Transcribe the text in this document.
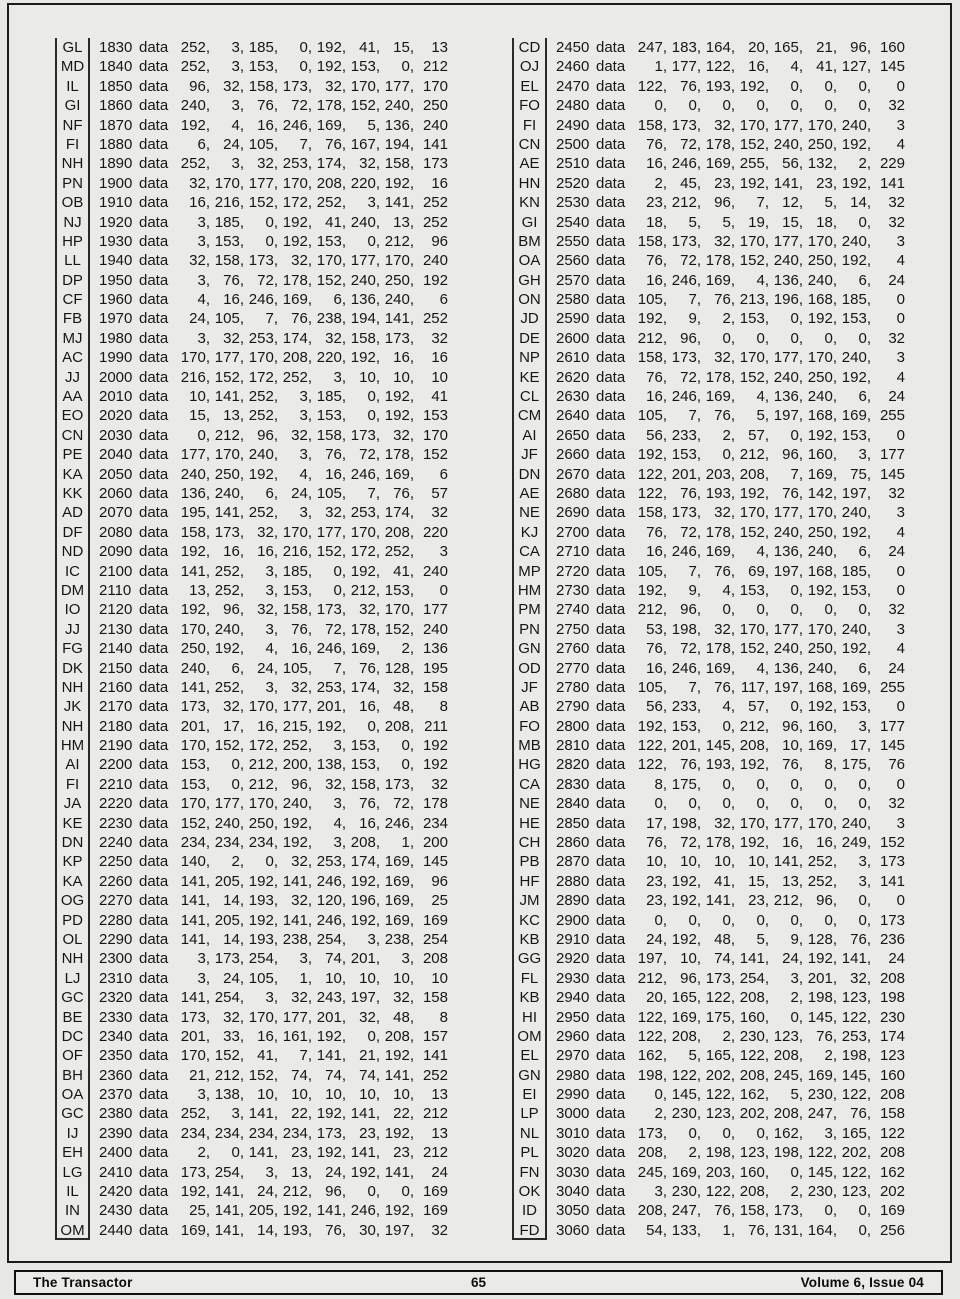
GL	1830 data 252,	3, 185,	0, 192, 41, 15,	13
MD 1840 data 252,	3, 153,	0, 192, 153,	0, 212
IL	1850 data	96, 32, 158, 173, 32, 170, 177, 170
GI	1860 data 240,	3, 76, 72, 178, 152, 240, 250
NF	1870 data 192,	4, 16, 246, 169,	5, 136, 240
FI	1880 data	6, 24, 105,	7, 76, 167, 194, 141
NH	1890 data 252,	3, 32, 253, 174, 32, 158, 173
PN	1900 data	32, 170, 177, 170, 208, 220, 192,	16
OB	1910 data	16, 216, 152, 172, 252,	3, 141, 252
NJ	1920 data	3, 185,	0, 192, 41, 240, 13, 252
HP	1930 data	3, 153,	0, 192, 153,	0, 212,	96
LL	1940 data	32, 158, 173, 32, 170, 177, 170, 240
DP	1950 data	3, 76, 72, 178, 152, 240, 250, 192
CF	1960 data	4, 16, 246, 169,	6, 136, 240,	6
FB	1970 data	24, 105,	7, 76, 238, 194, 141, 252
MJ	1980 data	3, 32, 253, 174, 32, 158, 173,	32
AC	1990 data 170, 177, 170, 208, 220, 192, 16,	16
JJ	2000 data 216, 152, 172, 252,	3, 10, 10,	10
AA	2010 data	10, 141, 252,	3, 185,	0, 192,	41
EO	2020 data	15, 13, 252,	3, 153,	0, 192, 153
CN	2030 data	0, 212, 96, 32, 158, 173, 32, 170
PE	2040 data 177, 170, 240,	3, 76, 72, 178, 152
KA	2050 data 240, 250, 192,	4, 16, 246, 169,	6
KK	2060 data 136, 240,	6, 24, 105,	7, 76,	57
AD	2070 data 195, 141, 252,	3, 32, 253, 174,	32
DF	2080 data 158, 173, 32, 170, 177, 170, 208, 220
ND	2090 data 192, 16, 16, 216, 152, 172, 252,	3
IC	2100 data 141, 252,	3, 185,	0, 192, 41, 240
DM 2110 data	13, 252,	3, 153,	0, 212, 153,	0
IO	2120 data 192, 96, 32, 158, 173, 32, 170, 177
JJ	2130 data 170, 240,	3, 76, 72, 178, 152, 240
FG	2140 data 250, 192,	4, 16, 246, 169,	2, 136
DK	2150 data 240,	6, 24, 105,	7, 76, 128, 195
NH	2160 data 141, 252,	3, 32, 253, 174, 32, 158
JK	2170 data 173, 32, 170, 177, 201, 16, 48,	8
NH	2180 data 201, 17, 16, 215, 192,	0, 208, 211
HM 2190 data 170, 152, 172, 252,	3, 153,	0, 192
AI	2200 data 153,	0, 212, 200, 138, 153,	0, 192
FI	2210 data 153,	0, 212, 96, 32, 158, 173,	32
JA	2220 data 170, 177, 170, 240,	3, 76, 72, 178
KE	2230 data 152, 240, 250, 192,	4, 16, 246, 234
DN	2240 data 234, 234, 234, 192,	3, 208,	1, 200
KP	2250 data 140,	2,	0, 32, 253, 174, 169, 145
KA	2260 data 141, 205, 192, 141, 246, 192, 169,	96
OG 2270 data 141, 14, 193, 32, 120, 196, 169,	25
PD	2280 data 141, 205, 192, 141, 246, 192, 169, 169
OL	2290 data 141, 14, 193, 238, 254,	3, 238, 254
NH	2300 data	3, 173, 254,	3, 74, 201,	3, 208
LJ	2310 data	3, 24, 105,	1, 10, 10, 10,	10
GC	2320 data 141, 254,	3, 32, 243, 197, 32, 158
BE	2330 data 173, 32, 170, 177, 201, 32, 48,	8
DC	2340 data 201, 33, 16, 161, 192,	0, 208, 157
OF	2350 data 170, 152, 41,	7, 141, 21, 192, 141
BH	2360 data	21, 212, 152, 74, 74, 74, 141, 252
OA	2370 data	3, 138, 10, 10, 10, 10, 10,	13
GC	2380 data 252,	3, 141, 22, 192, 141, 22, 212
IJ	2390 data 234, 234, 234, 234, 173, 23, 192,	13
EH	2400 data	2,	0, 141, 23, 192, 141, 23, 212
LG	2410 data 173, 254,	3, 13, 24, 192, 141,	24
IL	2420 data 192, 141, 24, 212, 96,	0,	0, 169
IN	2430 data	25, 141, 205, 192, 141, 246, 192, 169
OM 2440 data 169, 141, 14, 193, 76, 30, 197,	32
CD	2450 data 247, 183, 164, 20, 165, 21, 96, 160
OJ	2460 data	1, 177, 122, 16,	4, 41, 127, 145
EL	2470 data 122, 76, 193, 192,	0,	0,	0,	0
FO	2480 data	0,	0,	0,	0,	0,	0,	0,	32
FI	2490 data 158, 173, 32, 170, 177, 170, 240,	3
CN	2500 data	76, 72, 178, 152, 240, 250, 192,	4
AE	2510 data	16, 246, 169, 255, 56, 132,	2, 229
HN	2520 data	2, 45, 23, 192, 141, 23, 192, 141
KN	2530 data	23, 212, 96,	7, 12,	5, 14,	32
GI	2540 data	18,	5,	5, 19, 15, 18,	0,	32
BM	2550 data 158, 173, 32, 170, 177, 170, 240,	3
OA	2560 data	76, 72, 178, 152, 240, 250, 192,	4
GH	2570 data	16, 246, 169,	4, 136, 240,	6,	24
ON	2580 data 105,	7, 76, 213, 196, 168, 185,	0
JD	2590 data 192,	9,	2, 153,	0, 192, 153,	0
DE	2600 data 212, 96,	0,	0,	0,	0,	0,	32
NP	2610 data 158, 173, 32, 170, 177, 170, 240,	3
KE	2620 data	76, 72, 178, 152, 240, 250, 192,	4
CL	2630 data	16, 246, 169,	4, 136, 240,	6,	24
CM 2640 data 105,	7, 76,	5, 197, 168, 169, 255
AI	2650 data	56, 233,	2, 57,	0, 192, 153,	0
JF	2660 data 192, 153,	0, 212, 96, 160,	3, 177
DN	2670 data 122, 201, 203, 208,	7, 169, 75, 145
AE	2680 data 122, 76, 193, 192, 76, 142, 197,	32
NE	2690 data 158, 173, 32, 170, 177, 170, 240,	3
KJ	2700 data	76, 72, 178, 152, 240, 250, 192,	4
CA	2710 data	16, 246, 169,	4, 136, 240,	6,	24
MP	2720 data 105,	7, 76, 69, 197, 168, 185,	0
HM 2730 data 192,	9,	4, 153,	0, 192, 153,	0
PM	2740 data 212, 96,	0,	0,	0,	0,	0,	32
PN	2750 data	53, 198, 32, 170, 177, 170, 240,	3
GN	2760 data	76, 72, 178, 152, 240, 250, 192,	4
OD	2770 data	16, 246, 169,	4, 136, 240,	6,	24
JF	2780 data 105,	7, 76, 117, 197, 168, 169, 255
AB	2790 data	56, 233,	4, 57,	0, 192, 153,	0
FO	2800 data 192, 153,	0, 212, 96, 160,	3, 177
MB	2810 data 122, 201, 145, 208, 10, 169, 17, 145
HG	2820 data 122, 76, 193, 192, 76,	8, 175,	76
CA	2830 data	8, 175,	0,	0,	0,	0,	0,	0
NE	2840 data	0,	0,	0,	0,	0,	0,	0,	32
HE	2850 data	17, 198, 32, 170, 177, 170, 240,	3
CH	2860 data	76, 72, 178, 192, 16, 16, 249, 152
PB	2870 data	10, 10, 10, 10, 141, 252,	3, 173
HF	2880 data	23, 192, 41, 15, 13, 252,	3, 141
JM	2890 data	23, 192, 141, 23, 212, 96,	0,	0
KC	2900 data	0,	0,	0,	0,	0,	0,	0, 173
KB	2910 data	24, 192, 48,	5,	9, 128, 76, 236
GG 2920 data 197, 10, 74, 141, 24, 192, 141,	24
FL	2930 data 212, 96, 173, 254,	3, 201, 32, 208
KB	2940 data	20, 165, 122, 208,	2, 198, 123, 198
HI	2950 data 122, 169, 175, 160,	0, 145, 122, 230
OM 2960 data 122, 208,	2, 230, 123, 76, 253, 174
EL	2970 data 162,	5, 165, 122, 208,	2, 198, 123
GN	2980 data 198, 122, 202, 208, 245, 169, 145, 160
EI	2990 data	0, 145, 122, 162,	5, 230, 122, 208
LP	3000 data	2, 230, 123, 202, 208, 247, 76, 158
NL	3010 data 173,	0,	0,	0, 162,	3, 165, 122
PL	3020 data 208,	2, 198, 123, 198, 122, 202, 208
FN	3030 data 245, 169, 203, 160,	0, 145, 122, 162
OK	3040 data	3, 230, 122, 208,	2, 230, 123, 202
ID	3050 data 208, 247, 76, 158, 173,	0,	0, 169
FD	3060 data	54, 133,	1, 76, 131, 164,	0, 256
The Transactor	65	Volume 6, Issue 04
